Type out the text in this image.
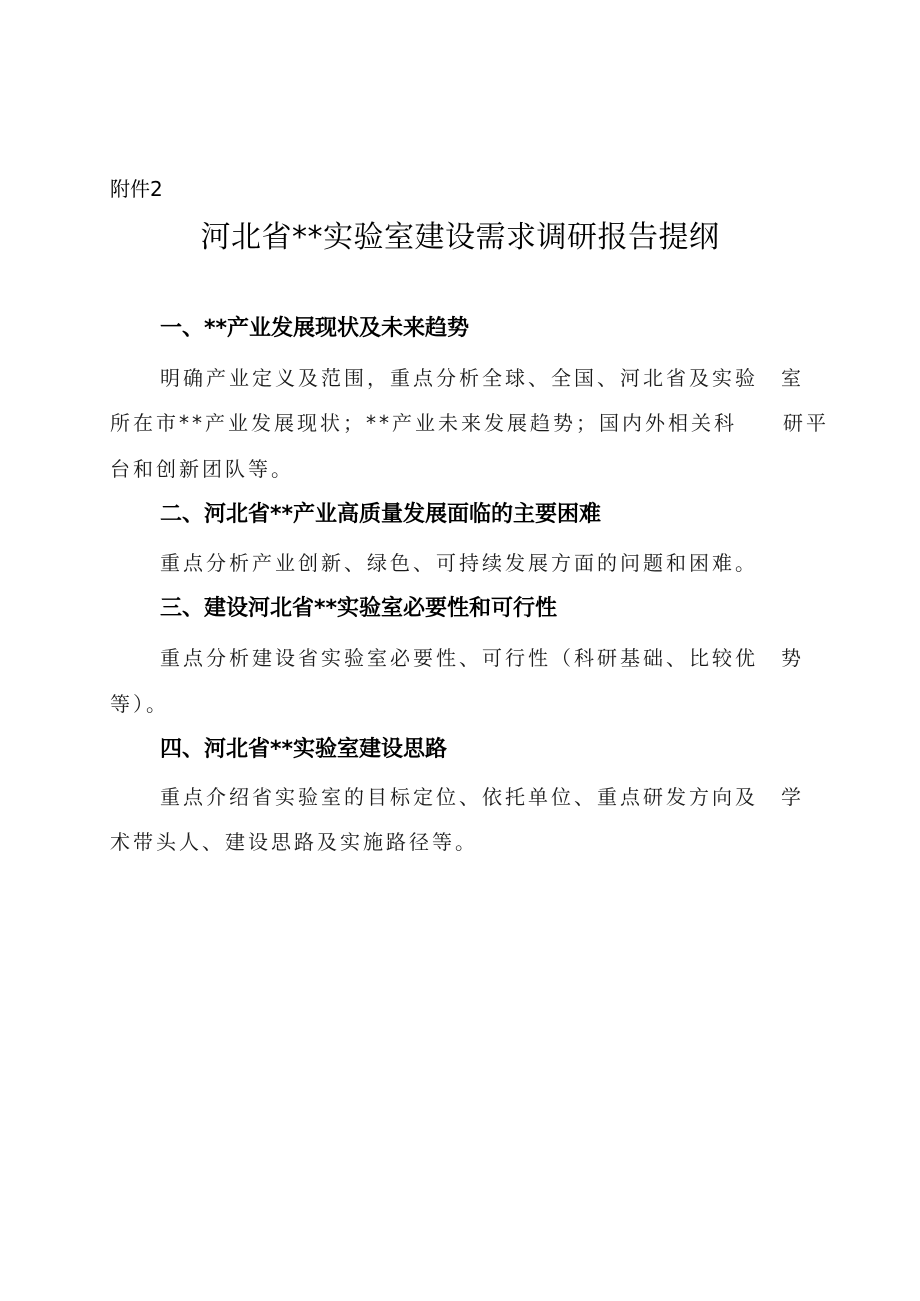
附件2
河北省**实验室建设需求调研报告提纲
一、**产业发展现状及未来趋势
明确产业定义及范围，重点分析全球、全国、河北省及实验　室
所在市**产业发展现状；**产业未来发展趋势；国内外相关科　　研平
台和创新团队等。
二、河北省**产业高质量发展面临的主要困难
重点分析产业创新、绿色、可持续发展方面的问题和困难。
三、建设河北省**实验室必要性和可行性
重点分析建设省实验室必要性、可行性（科研基础、比较优　势
等）。
四、河北省**实验室建设思路
重点介绍省实验室的目标定位、依托单位、重点研发方向及　学
术带头人、建设思路及实施路径等。
